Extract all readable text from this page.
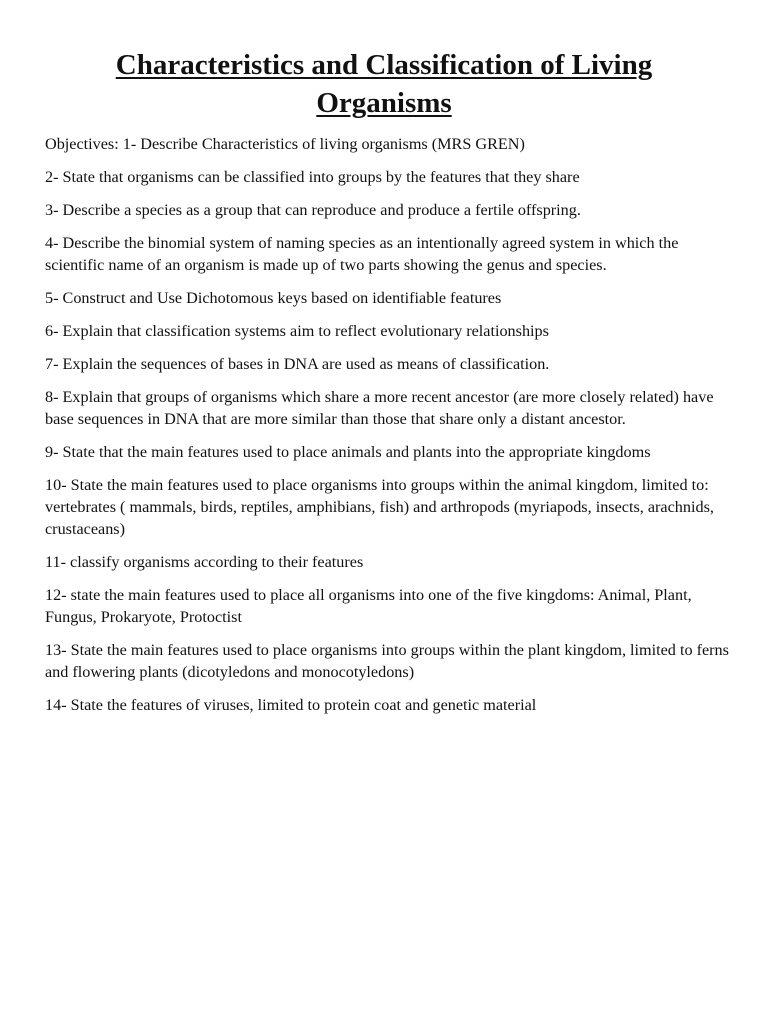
Characteristics and Classification of Living Organisms
Objectives: 1- Describe Characteristics of living organisms (MRS GREN)
2- State that organisms can be classified into groups by the features that they share
3- Describe a species as a group that can reproduce and produce a fertile offspring.
4- Describe the binomial system of naming species as an intentionally agreed system in which the scientific name of an organism is made up of two parts showing the genus and species.
5- Construct and Use Dichotomous keys based on identifiable features
6- Explain that classification systems aim to reflect evolutionary relationships
7- Explain the sequences of bases in DNA are used as means of classification.
8- Explain that groups of organisms which share a more recent ancestor (are more closely related) have base sequences in DNA that are more similar than those that share only a distant ancestor.
9- State that the main features used to place animals and plants into the appropriate kingdoms
10- State the main features used to place organisms into groups within the animal kingdom, limited to: vertebrates ( mammals, birds, reptiles, amphibians, fish) and arthropods (myriapods, insects, arachnids, crustaceans)
11- classify organisms according to their features
12- state the main features used to place all organisms into one of the five kingdoms: Animal, Plant, Fungus, Prokaryote, Protoctist
13- State the main features used to place organisms into groups within the plant kingdom, limited to ferns and flowering plants (dicotyledons and monocotyledons)
14- State the features of viruses, limited to protein coat and genetic material
